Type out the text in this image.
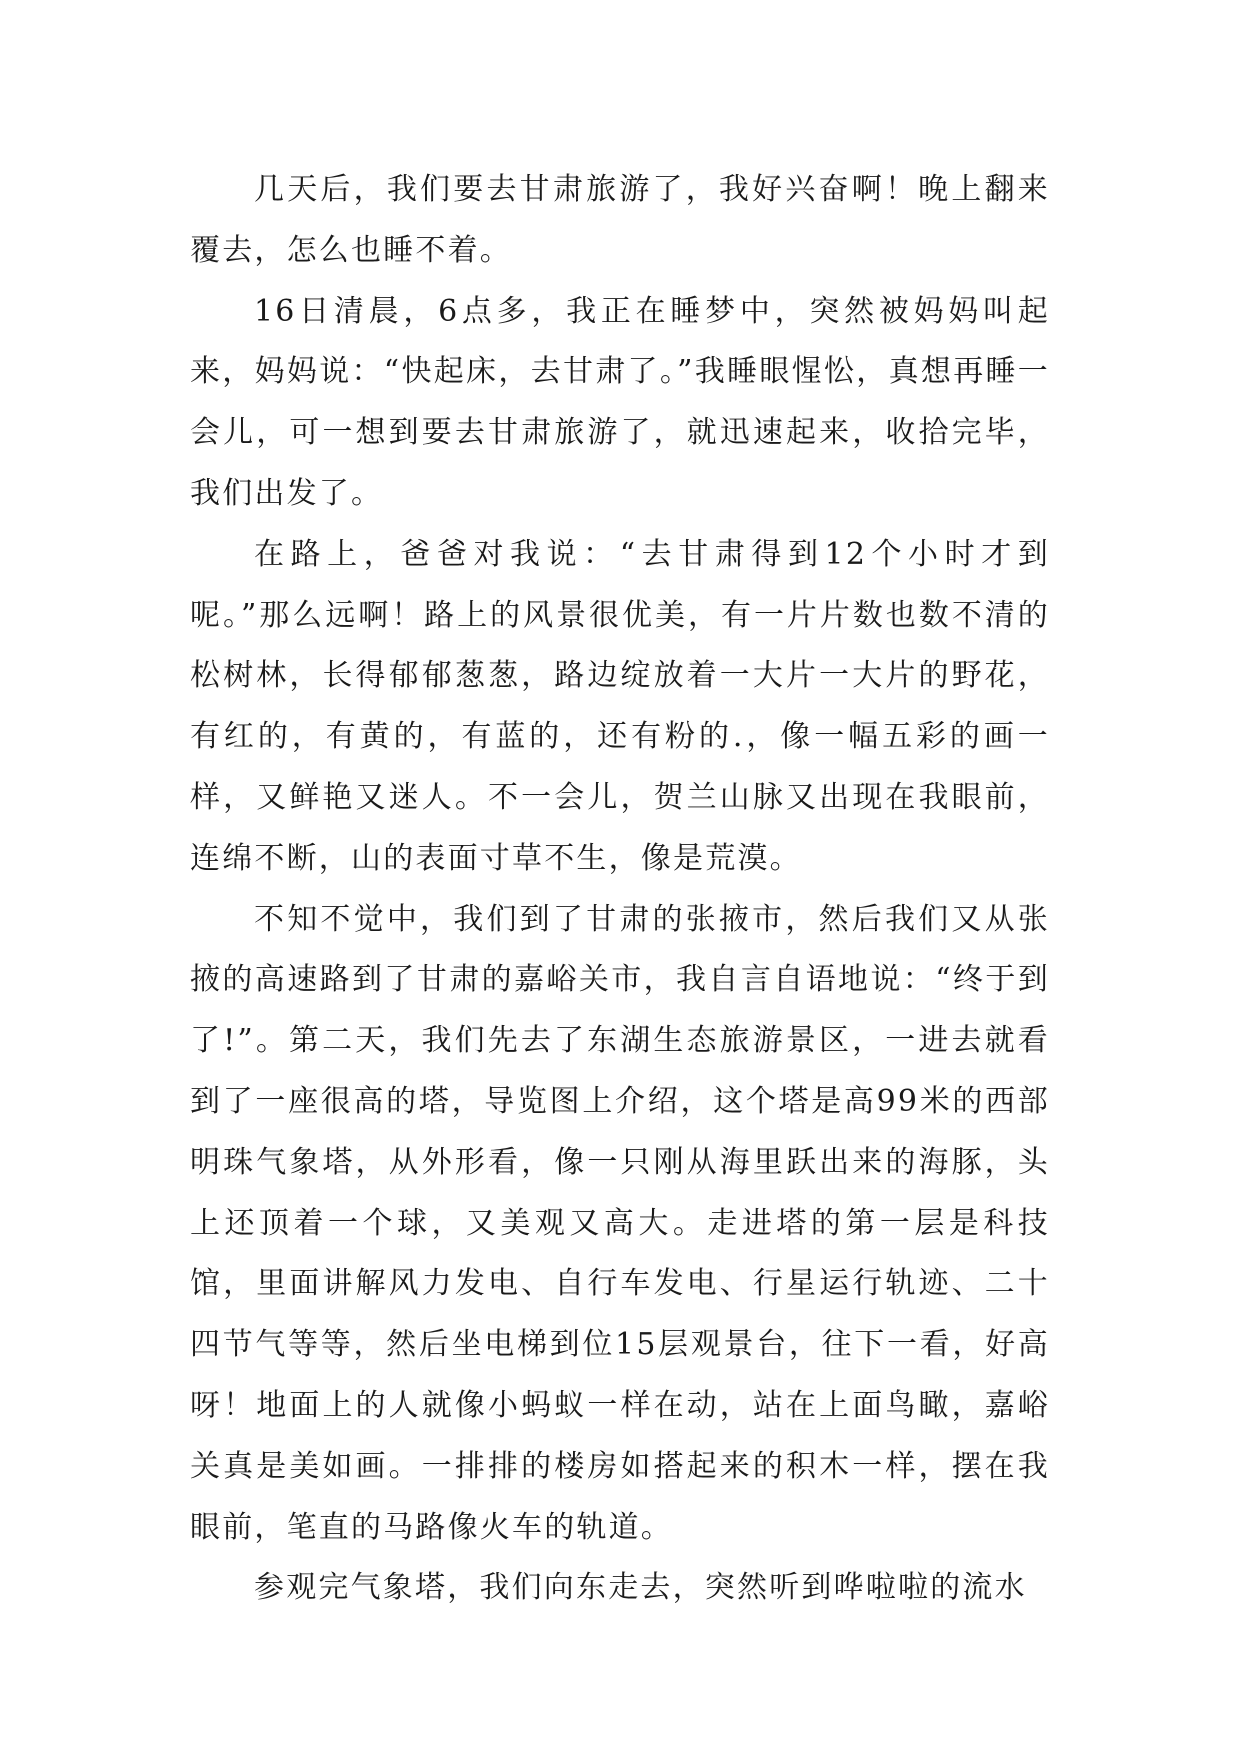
几天后，我们要去甘肃旅游了，我好兴奋啊！晚上翻来覆去，怎么也睡不着。

16日清晨，6点多，我正在睡梦中，突然被妈妈叫起来，妈妈说：“快起床，去甘肃了。”我睡眼惺忪，真想再睡一会儿，可一想到要去甘肃旅游了，就迅速起来，收拾完毕，我们出发了。

在路上，爸爸对我说：“去甘肃得到12个小时才到呢。”那么远啊！路上的风景很优美，有一片片数也数不清的松树林，长得郁郁葱葱，路边绽放着一大片一大片的野花，有红的，有黄的，有蓝的，还有粉的.，像一幅五彩的画一样，又鲜艳又迷人。不一会儿，贺兰山脉又出现在我眼前，连绵不断，山的表面寸草不生，像是荒漠。

不知不觉中，我们到了甘肃的张掖市，然后我们又从张掖的高速路到了甘肃的嘉峪关市，我自言自语地说：“终于到了!”。第二天，我们先去了东湖生态旅游景区，一进去就看到了一座很高的塔，导览图上介绍，这个塔是高99米的西部明珠气象塔，从外形看，像一只刚从海里跃出来的海豚，头上还顶着一个球，又美观又高大。走进塔的第一层是科技馆，里面讲解风力发电、自行车发电、行星运行轨迹、二十四节气等等，然后坐电梯到位15层观景台，往下一看，好高呀！地面上的人就像小蚂蚁一样在动，站在上面鸟瞰，嘉峪关真是美如画。一排排的楼房如搭起来的积木一样，摆在我眼前，笔直的马路像火车的轨道。

参观完气象塔，我们向东走去，突然听到哗啦啦的流水
